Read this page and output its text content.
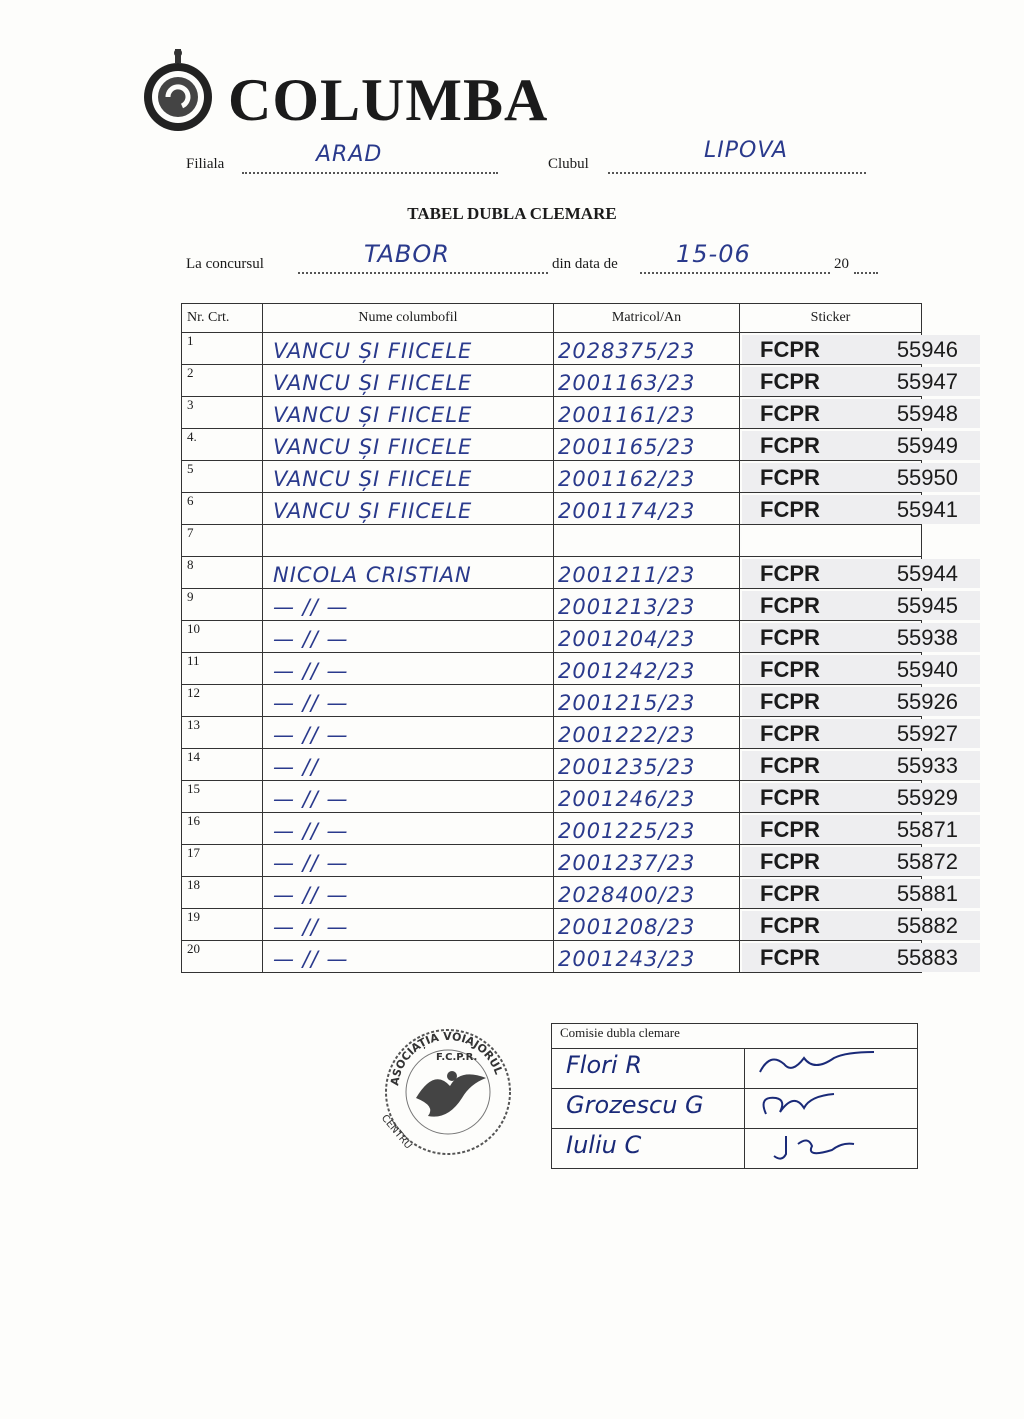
COLUMBA
Filiala	ARAD	Clubul
LIPOVA
TABEL DUBLA CLEMARE
La concursul	TABOR	din data de 15-06	20
Nr. Crt.	Nume columbofil	Matricol/An	Sticker
1	VANCU ȘI FIICELE	2028375/23	FCPR 55946

2	VANCU ȘI FIICELE	2001163/23	FCPR 55947

3	VANCU ȘI FIICELE	2001161/23	FCPR 55948

4.	VANCU ȘI FIICELE	2001165/23	FCPR 55949

5	VANCU ȘI FIICELE	2001162/23	FCPR 55950

6	VANCU ȘI FIICELE	2001174/23	FCPR 55941

7	

8	NICOLA CRISTIAN	2001211/23	FCPR 55944

9	— // —	2001213/23	FCPR 55945

10	— // —	2001204/23	FCPR 55938

11	— // —	2001242/23	FCPR 55940

12	— // —	2001215/23	FCPR 55926

13	— // —	2001222/23	FCPR 55927

14	— //	2001235/23	FCPR 55933

15	— // —	2001246/23	FCPR 55929

16	— // —	2001225/23	FCPR 55871

17	— // —	2001237/23	FCPR 55872

18	— // —	2028400/23	FCPR 55881

19	— // —	2001208/23	FCPR 55882

20	— // —	2001243/23	FCPR 55883
ASOCIAȚIA VOIAJORUL
F.C.P.R.
CENTRU
Comisie dubla clemare	

Flori R

Grozescu G

Iuliu C
